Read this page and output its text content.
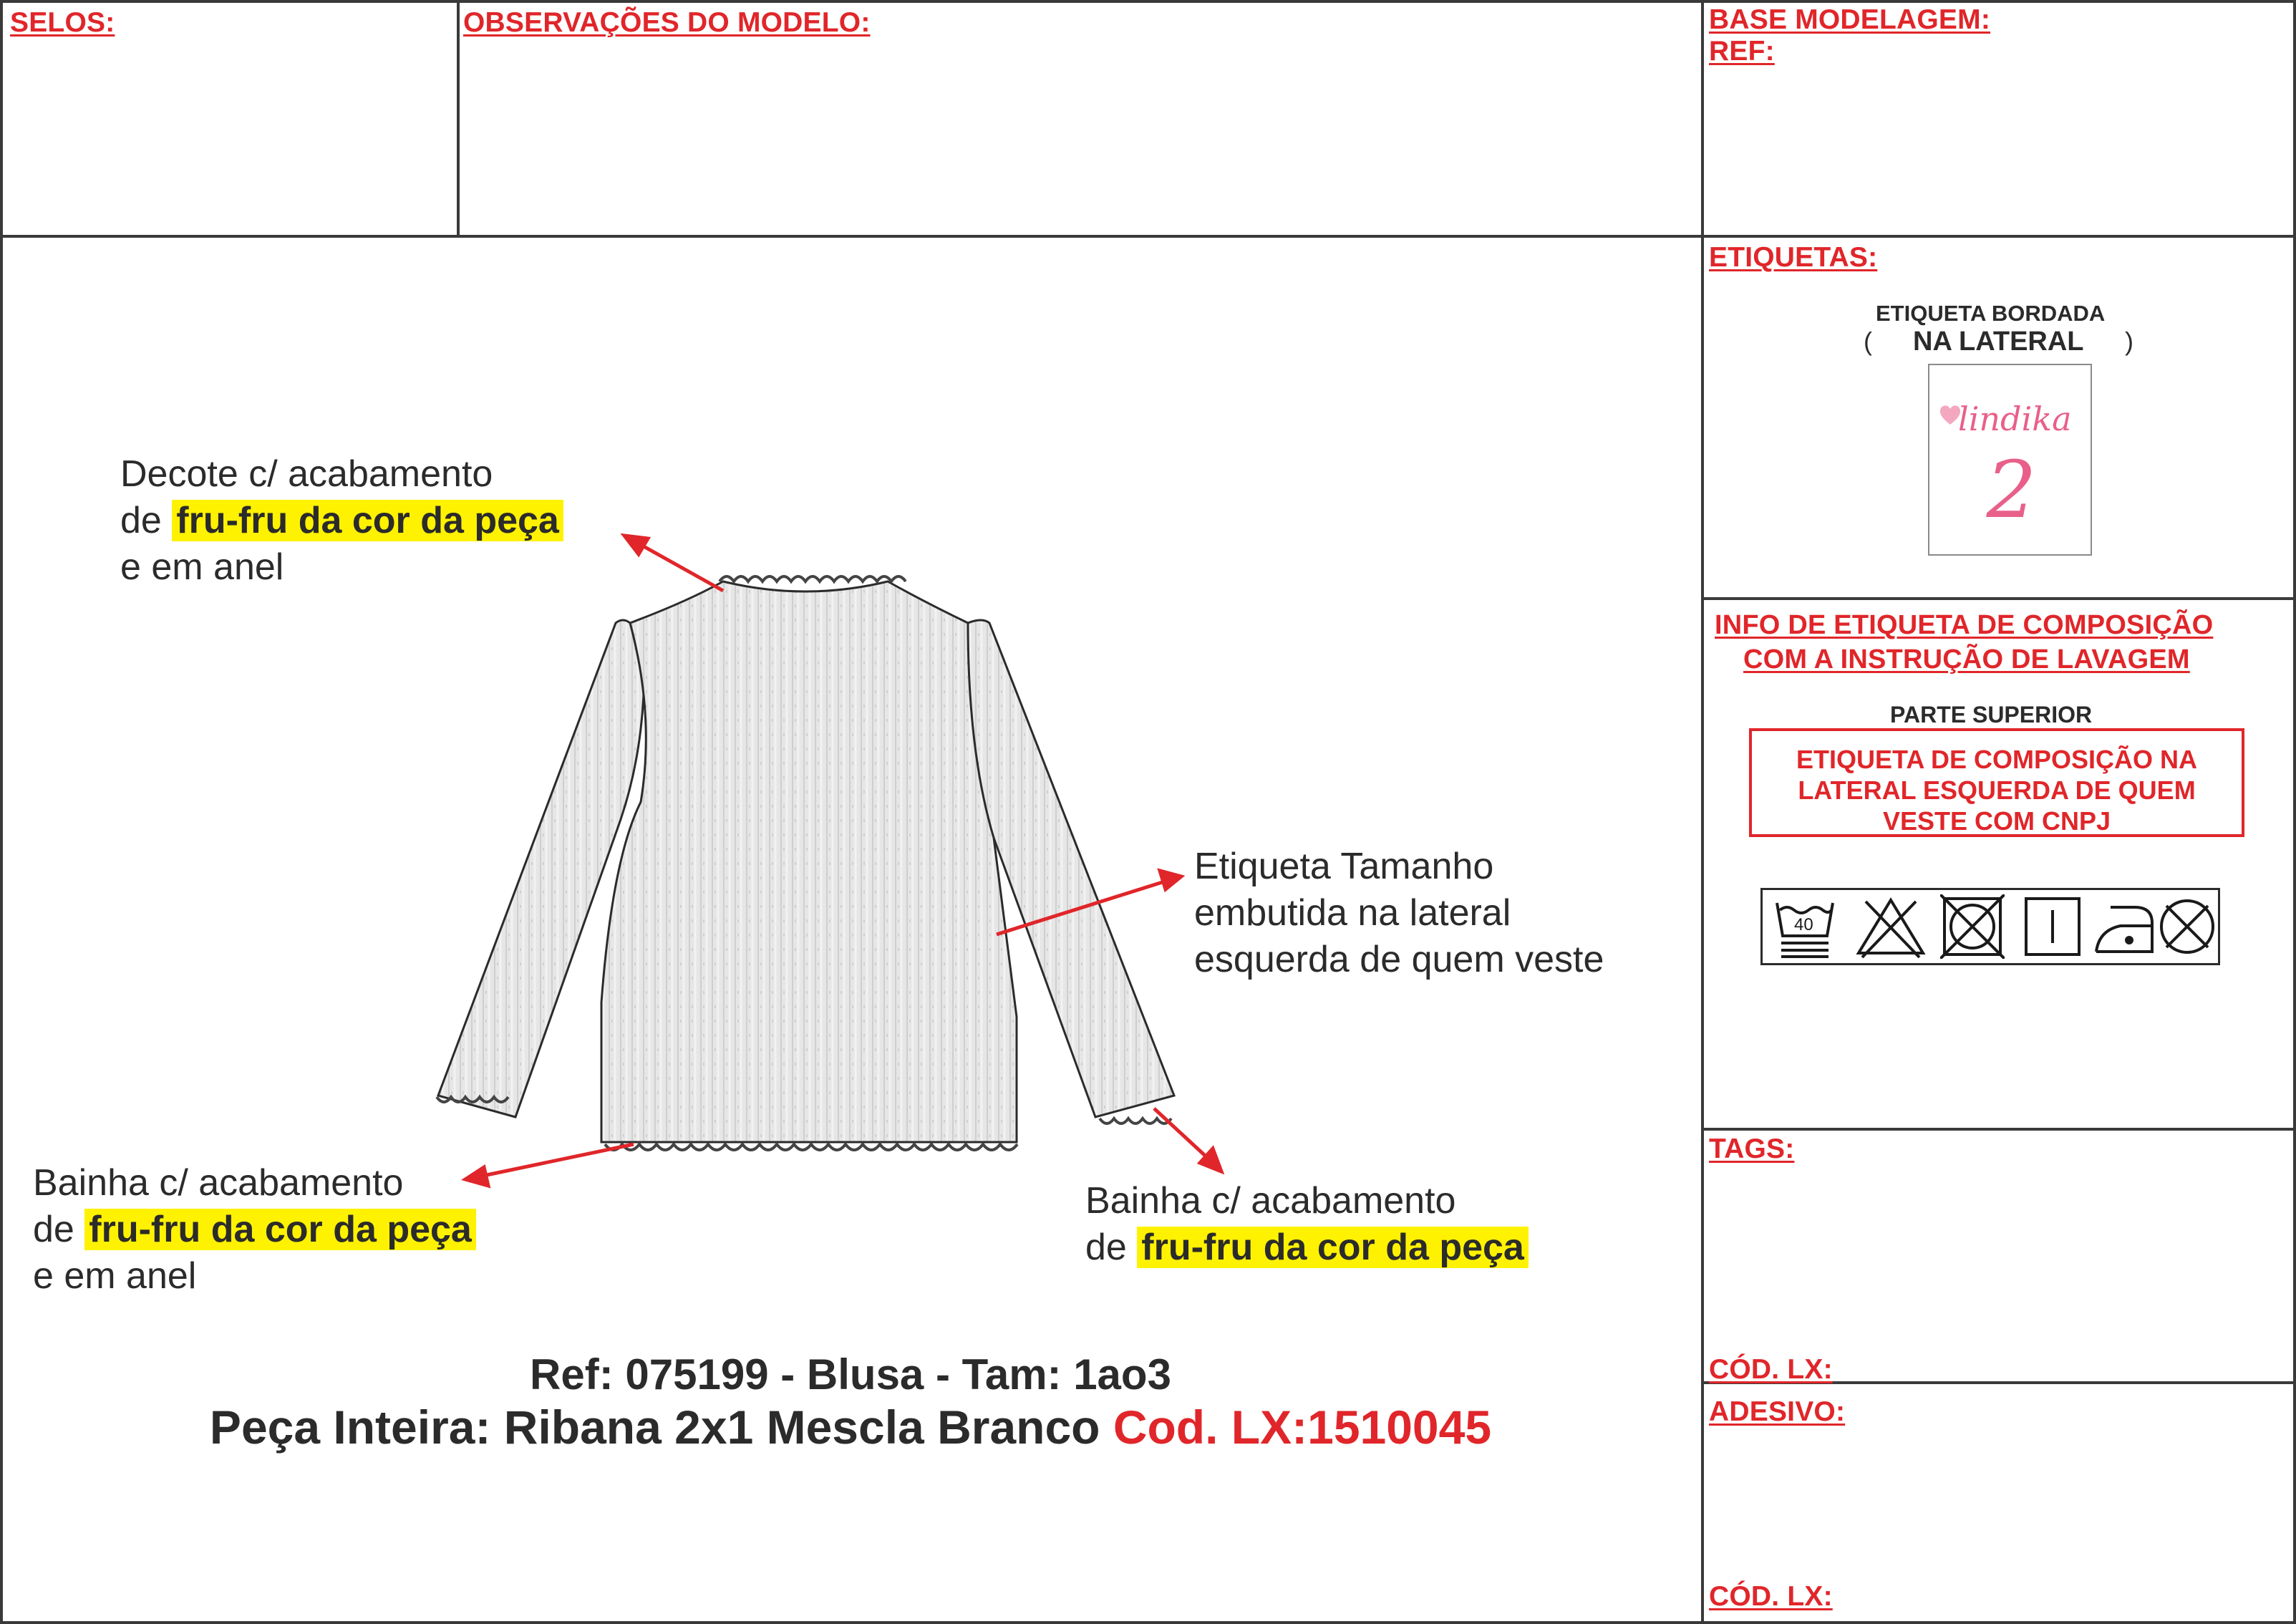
SELOS:	OBSERVAÇÕES DO MODELO:	BASE MODELAGEM:
REF:
ETIQUETAS:
ETIQUETA BORDADA
( NA LATERAL )
lindika
2
INFO DE ETIQUETA DE COMPOSIÇÃO
COM A INSTRUÇÃO DE LAVAGEM
PARTE SUPERIOR
ETIQUETA DE COMPOSIÇÃO NA
LATERAL ESQUERDA DE QUEM
VESTE COM CNPJ
40
TAGS:
CÓD. LX:
ADESIVO:
CÓD. LX:
Decote c/ acabamento
de fru-fru da cor da peça
e em anel
Etiqueta Tamanho
embutida na lateral
esquerda de quem veste
Bainha c/ acabamento
de fru-fru da cor da peça
e em anel
Bainha c/ acabamento
de fru-fru da cor da peça
Ref: 075199 - Blusa - Tam: 1ao3
Peça Inteira: Ribana 2x1 Mescla Branco Cod. LX:1510045
